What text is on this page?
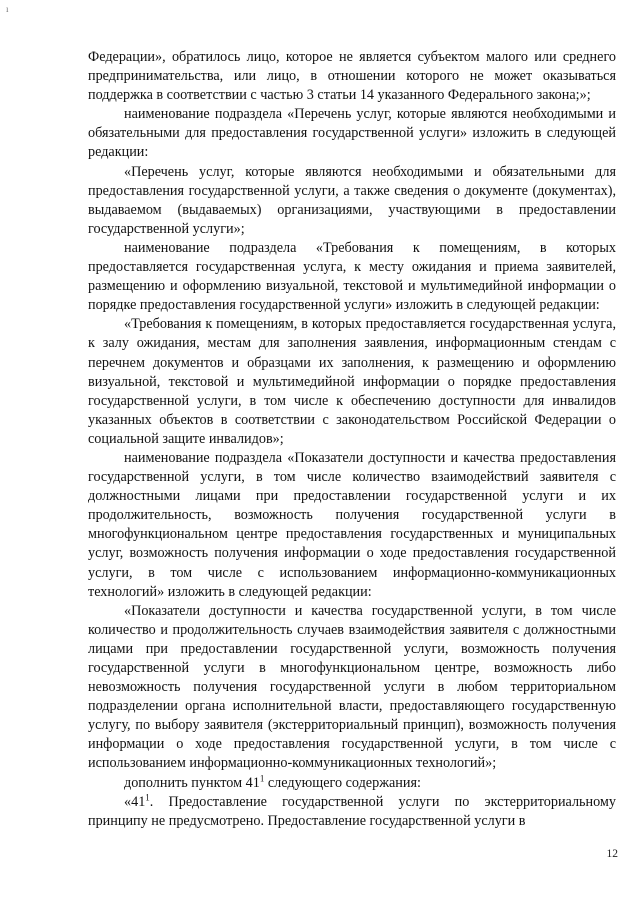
ı

Федерации», обратилось лицо, которое не является субъектом малого или среднего предпринимательства, или лицо, в отношении которого не может оказываться поддержка в соответствии с частью 3 статьи 14 указанного Федерального закона;»;

наименование подраздела «Перечень услуг, которые являются необходимыми и обязательными для предоставления государственной услуги» изложить в следующей редакции:

«Перечень услуг, которые являются необходимыми и обязательными для предоставления государственной услуги, а также сведения о документе (документах), выдаваемом (выдаваемых) организациями, участвующими в предоставлении государственной услуги»;

наименование подраздела «Требования к помещениям, в которых предоставляется государственная услуга, к месту ожидания и приема заявителей, размещению и оформлению визуальной, текстовой и мультимедийной информации о порядке предоставления государственной услуги» изложить в следующей редакции:

«Требования к помещениям, в которых предоставляется государственная услуга, к залу ожидания, местам для заполнения заявления, информационным стендам с перечнем документов и образцами их заполнения, к размещению и оформлению визуальной, текстовой и мультимедийной информации о порядке предоставления государственной услуги, в том числе к обеспечению доступности для инвалидов указанных объектов в соответствии с законодательством Российской Федерации о социальной защите инвалидов»;

наименование подраздела «Показатели доступности и качества предоставления государственной услуги, в том числе количество взаимодействий заявителя с должностными лицами при предоставлении государственной услуги и их продолжительность, возможность получения государственной услуги в многофункциональном центре предоставления государственных и муниципальных услуг, возможность получения информации о ходе предоставления государственной услуги, в том числе с использованием информационно-коммуникационных технологий» изложить в следующей редакции:

«Показатели доступности и качества государственной услуги, в том числе количество и продолжительность случаев взаимодействия заявителя с должностными лицами при предоставлении государственной услуги, возможность получения государственной услуги в многофункциональном центре, возможность либо невозможность получения государственной услуги в любом территориальном подразделении органа исполнительной власти, предоставляющего государственную услугу, по выбору заявителя (экстерриториальный принцип), возможность получения информации о ходе предоставления государственной услуги, в том числе с использованием информационно-коммуникационных технологий»;

дополнить пунктом $41^1$ следующего содержания:

«$41^1$. Предоставление государственной услуги по экстерриториальному принципу не предусмотрено. Предоставление государственной услуги в

12
